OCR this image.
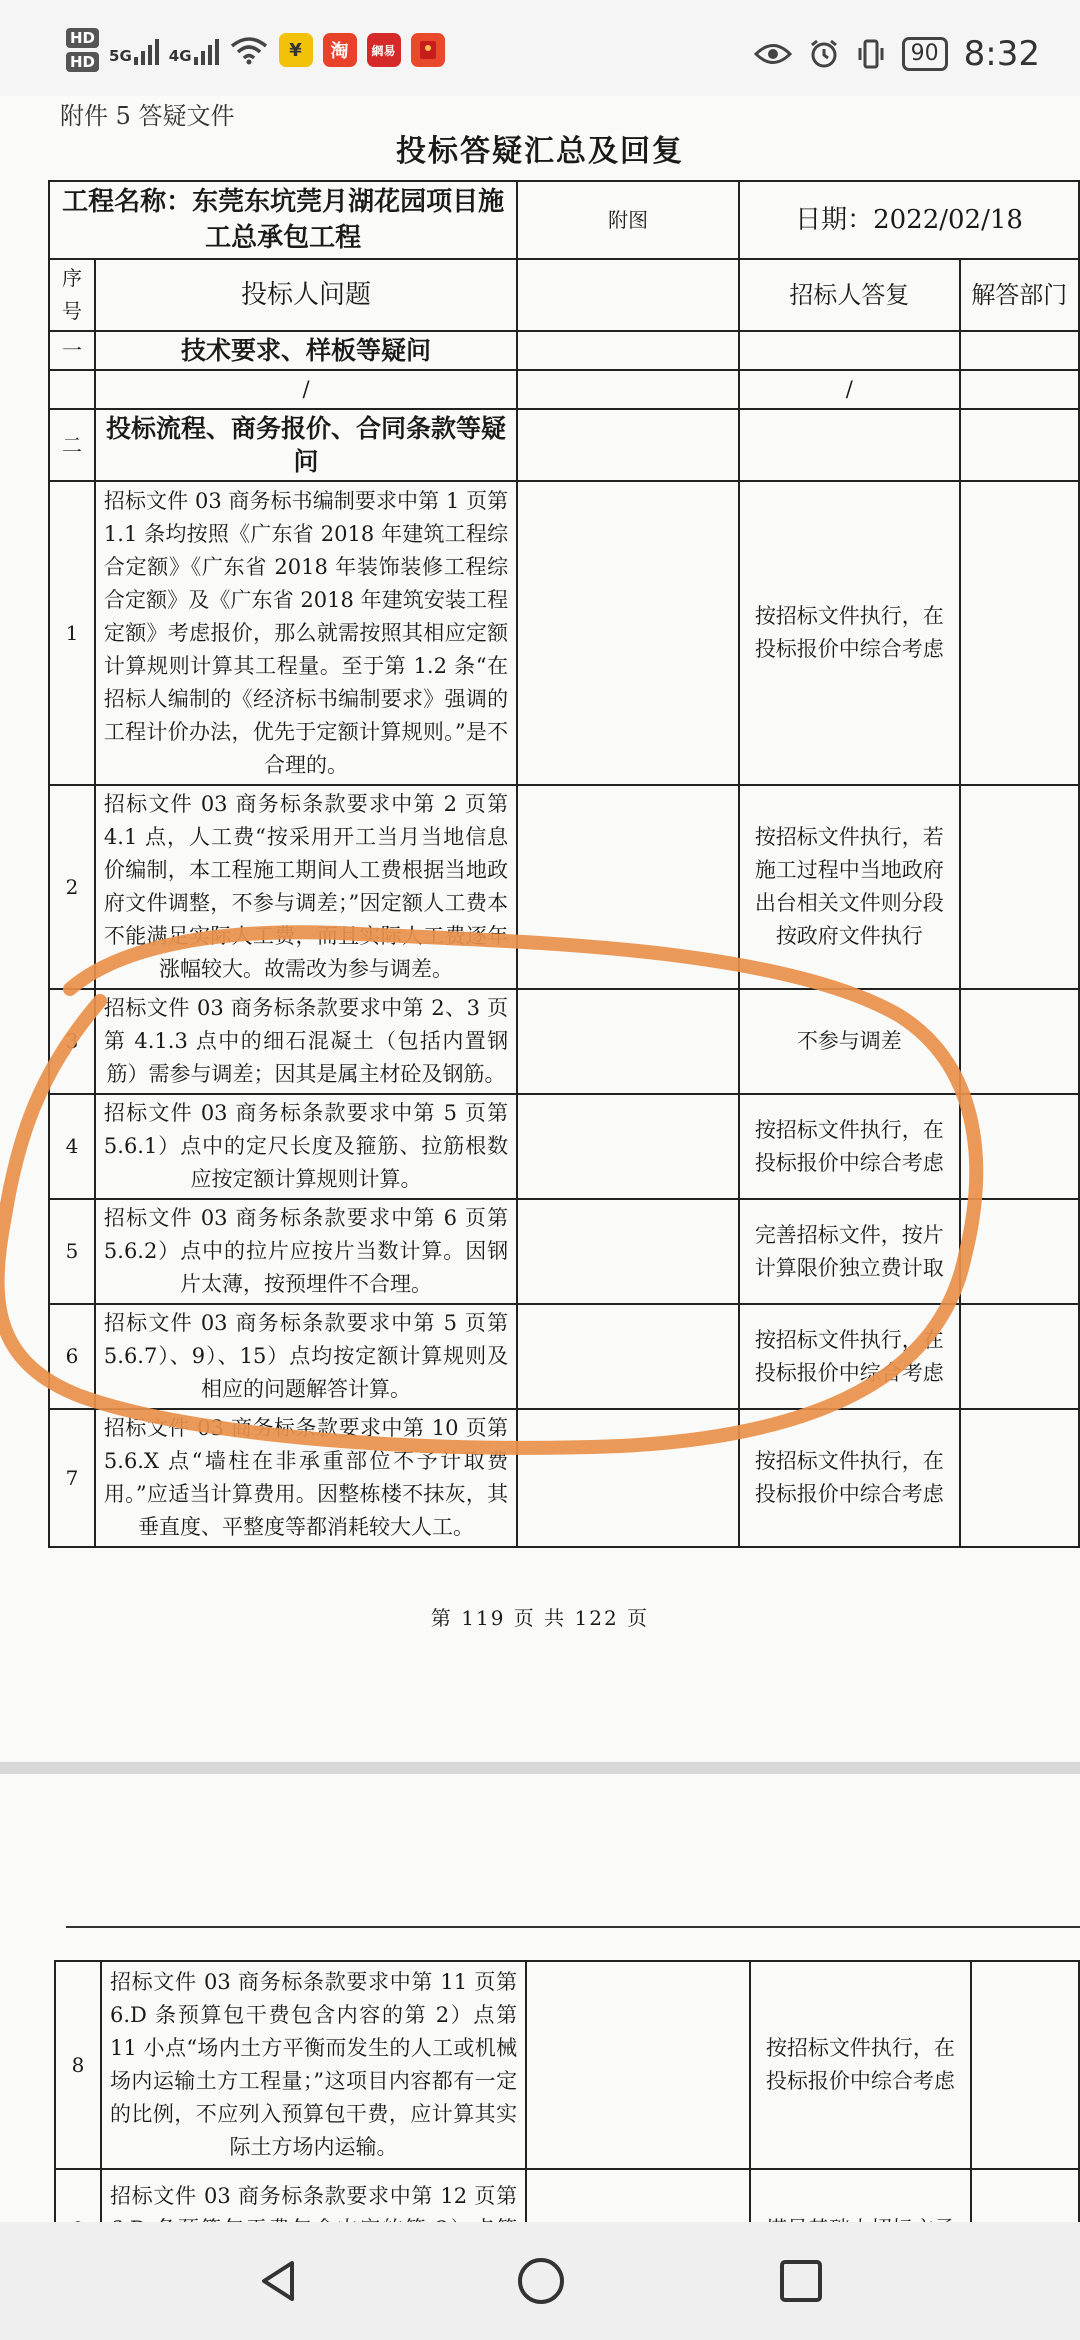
HD
HD 5G 4G	¥	淘	網易	90 8:32
附件 5 答疑文件
投标答疑汇总及回复
工程名称：东莞东坑莞月湖花园项目施工总承包工程		附图	日期：2022/02/18	
序号	投标人问题		招标人答复	解答部门
一	技术要求、样板等疑问			
	/		/	
二	投标流程、商务报价、合同条款等疑问			
1	招标文件 03 商务标书编制要求中第 1 页第 1.1 条均按照《广东省 2018 年建筑工程综合定额》《广东省 2018 年装饰装修工程综合定额》及《广东省 2018 年建筑安装工程定额》考虑报价，那么就需按照其相应定额计算规则计算其工程量。至于第 1.2 条“在招标人编制的《经济标书编制要求》强调的工程计价办法，优先于定额计算规则。”是不合理的。		按招标文件执行，在投标报价中综合考虑	
2	招标文件 03 商务标条款要求中第 2 页第 4.1 点，人工费“按采用开工当月当地信息价编制，本工程施工期间人工费根据当地政府文件调整，不参与调差；”因定额人工费本不能满足实际人工费，而且实际人工费逐年涨幅较大。故需改为参与调差。		按招标文件执行，若施工过程中当地政府出台相关文件则分段按政府文件执行	
3	招标文件 03 商务标条款要求中第 2、3 页第 4.1.3 点中的细石混凝土（包括内置钢筋）需参与调差；因其是属主材砼及钢筋。		不参与调差	
4	招标文件 03 商务标条款要求中第 5 页第 5.6.1）点中的定尺长度及箍筋、拉筋根数应按定额计算规则计算。		按招标文件执行，在投标报价中综合考虑	
5	招标文件 03 商务标条款要求中第 6 页第 5.6.2）点中的拉片应按片当数计算。因钢片太薄，按预埋件不合理。		完善招标文件，按片计算限价独立费计取	
6	招标文件 03 商务标条款要求中第 5 页第 5.6.7）、9）、15）点均按定额计算规则及相应的问题解答计算。		按招标文件执行，在投标报价中综合考虑	
7	招标文件 03 商务标条款要求中第 10 页第 5.6.X 点“墙柱在非承重部位不予计取费用。”应适当计算费用。因整栋楼不抹灰，其垂直度、平整度等都消耗较大人工。		按招标文件执行，在投标报价中综合考虑	
第 119 页 共 122 页
8	招标文件 03 商务标条款要求中第 11 页第 6.D 条预算包干费包含内容的第 2）点第 11 小点“场内土方平衡而发生的人工或机械场内运输土方工程量；”这项目内容都有一定的比例，不应列入预算包干费，应计算其实际土方场内运输。		按招标文件执行，在投标报价中综合考虑	
	招标文件 03 商务标条款要求中第 12 页第			
